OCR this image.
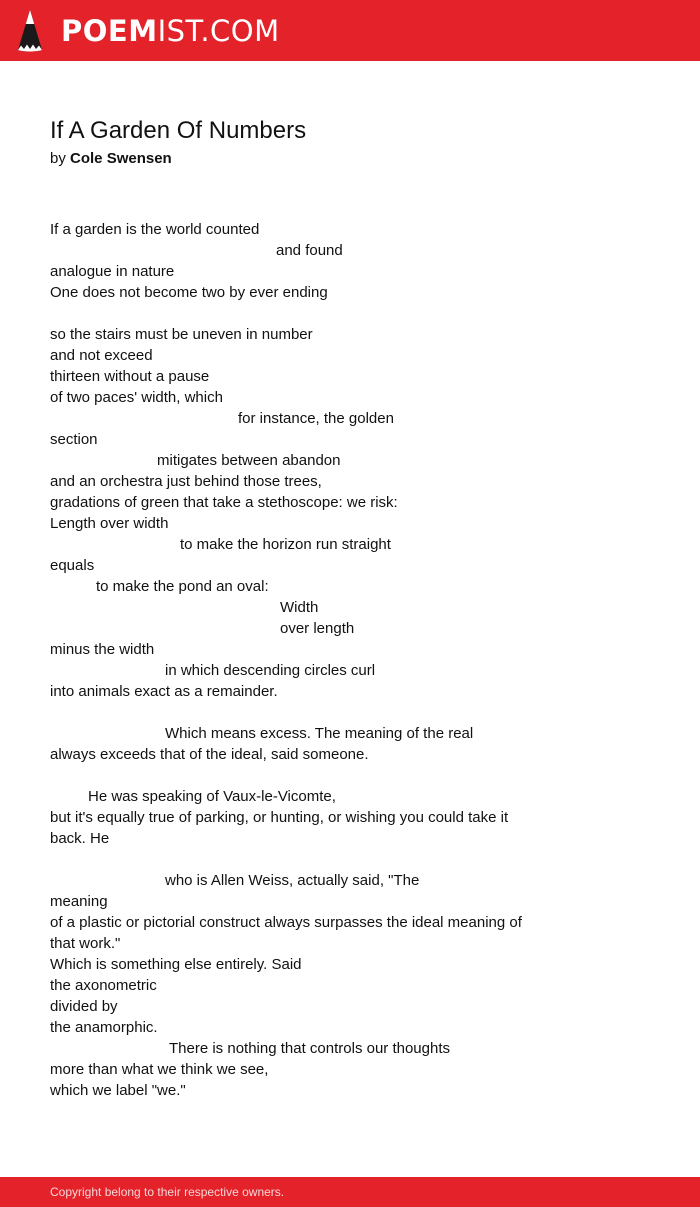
POEMIST.COM
If A Garden Of Numbers
by Cole Swensen
If a garden is the world counted
and found
analogue in nature
One does not become two by ever ending
so the stairs must be uneven in number
and not exceed
thirteen without a pause
of two paces' width, which
for instance, the golden
section
mitigates between abandon
and an orchestra just behind those trees,
gradations of green that take a stethoscope: we risk:
Length over width
to make the horizon run straight
equals
to make the pond an oval:
Width
over length
minus the width
in which descending circles curl
into animals exact as a remainder.
Which means excess. The meaning of the real
always exceeds that of the ideal, said someone.
He was speaking of Vaux-le-Vicomte,
but it's equally true of parking, or hunting, or wishing you could take it
back. He
who is Allen Weiss, actually said, "The
meaning
of a plastic or pictorial construct always surpasses the ideal meaning of
that work."
Which is something else entirely. Said
the axonometric
divided by
the anamorphic.
There is nothing that controls our thoughts
more than what we think we see,
which we label "we."
Copyright belong to their respective owners.
